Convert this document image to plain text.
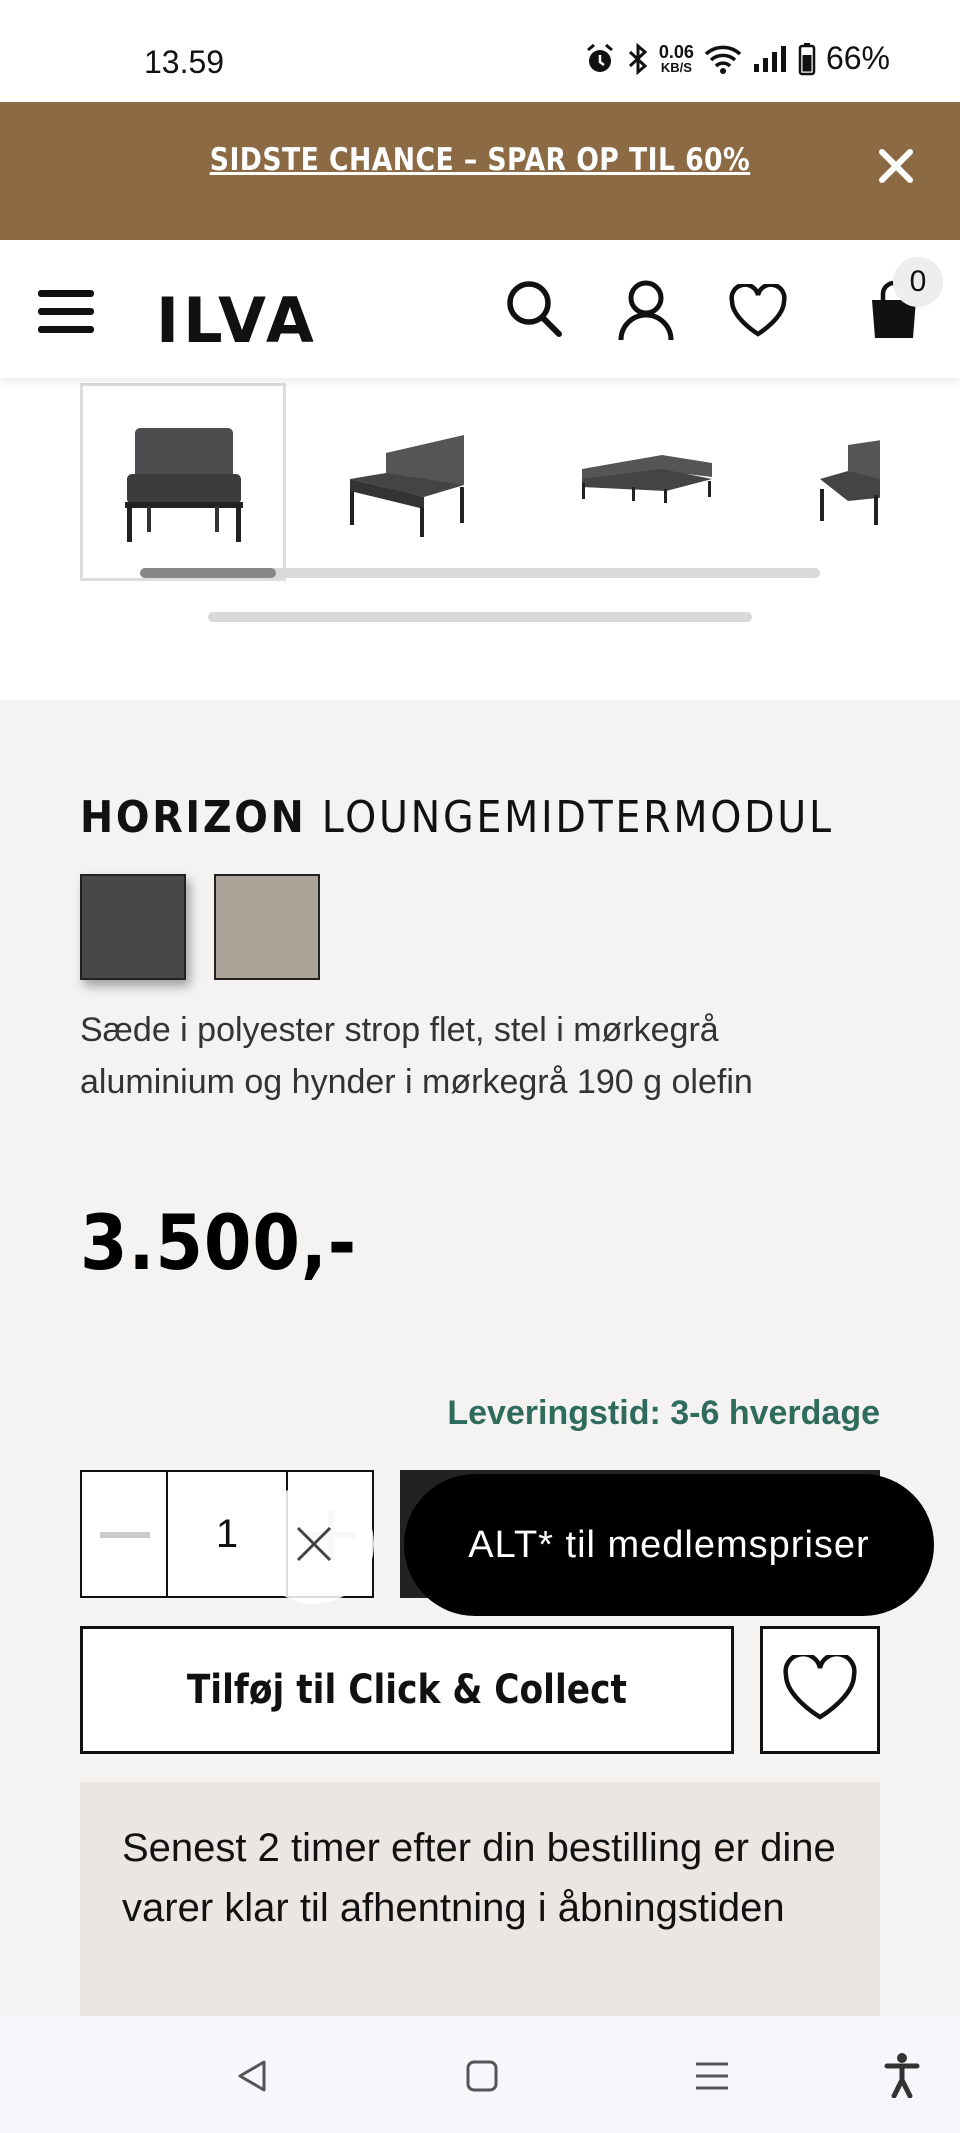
13.59	0.06
KB/S	66%
SIDSTE CHANCE – SPAR OP TIL 60%
ILVA
0
HORIZON LOUNGEMIDTERMODUL
Sæde i polyester strop flet, stel i mørkegrå aluminium og hynder i mørkegrå 190 g olefin
3.500,-
Leveringstid: 3-6 hverdage
1	ALT* til medlemspriser
Tilføj til Click & Collect
Senest 2 timer efter din bestilling er dine varer klar til afhentning i åbningstiden
